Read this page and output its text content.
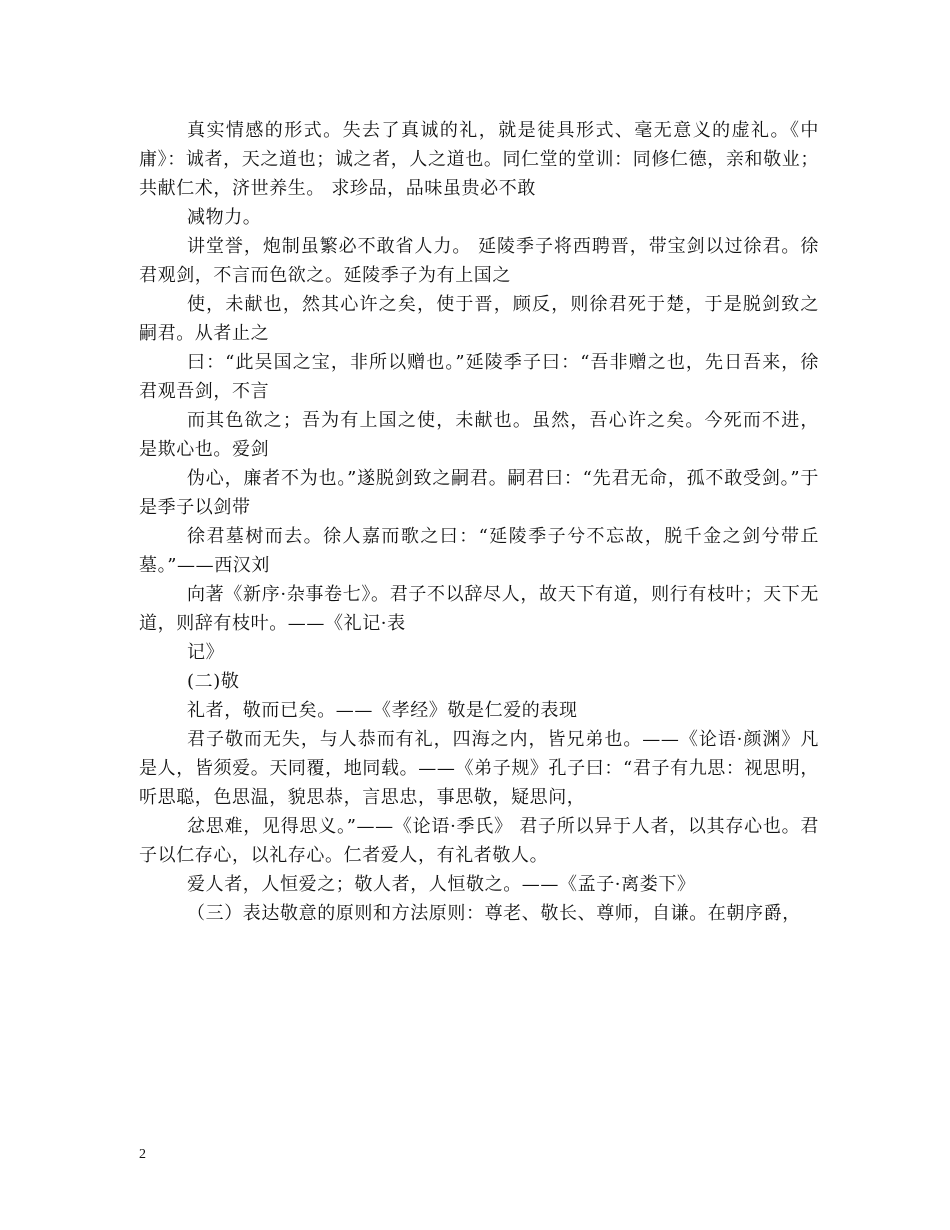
真实情感的形式。失去了真诚的礼，就是徒具形式、毫无意义的虚礼。《中庸》：诚者，天之道也；诚之者，人之道也。同仁堂的堂训：同修仁德，亲和敬业；共献仁术，济世养生。 求珍品，品味虽贵必不敢

减物力。

讲堂誉，炮制虽繁必不敢省人力。 延陵季子将西聘晋，带宝剑以过徐君。徐君观剑，不言而色欲之。延陵季子为有上国之

使，未献也，然其心许之矣，使于晋，顾反，则徐君死于楚，于是脱剑致之嗣君。从者止之

曰：“此吴国之宝，非所以赠也。”延陵季子曰：“吾非赠之也，先日吾来，徐君观吾剑，不言

而其色欲之；吾为有上国之使，未献也。虽然，吾心许之矣。今死而不进，是欺心也。爱剑

伪心，廉者不为也。”遂脱剑致之嗣君。嗣君曰：“先君无命，孤不敢受剑。”于是季子以剑带

徐君墓树而去。徐人嘉而歌之曰：“延陵季子兮不忘故，脱千金之剑兮带丘墓。”——西汉刘

向著《新序·杂事卷七》。君子不以辞尽人，故天下有道，则行有枝叶；天下无道，则辞有枝叶。——《礼记·表

记》

(二)敬

礼者，敬而已矣。——《孝经》敬是仁爱的表现

君子敬而无失，与人恭而有礼，四海之内，皆兄弟也。——《论语·颜渊》凡是人，皆须爱。天同覆，地同载。——《弟子规》孔子曰：“君子有九思：视思明，听思聪，色思温，貌思恭，言思忠，事思敬，疑思问，

忿思难，见得思义。”——《论语·季氏》 君子所以异于人者，以其存心也。君子以仁存心，以礼存心。仁者爱人，有礼者敬人。

爱人者，人恒爱之；敬人者，人恒敬之。——《孟子·离娄下》

（三）表达敬意的原则和方法原则：尊老、敬长、尊师，自谦。在朝序爵，

2
